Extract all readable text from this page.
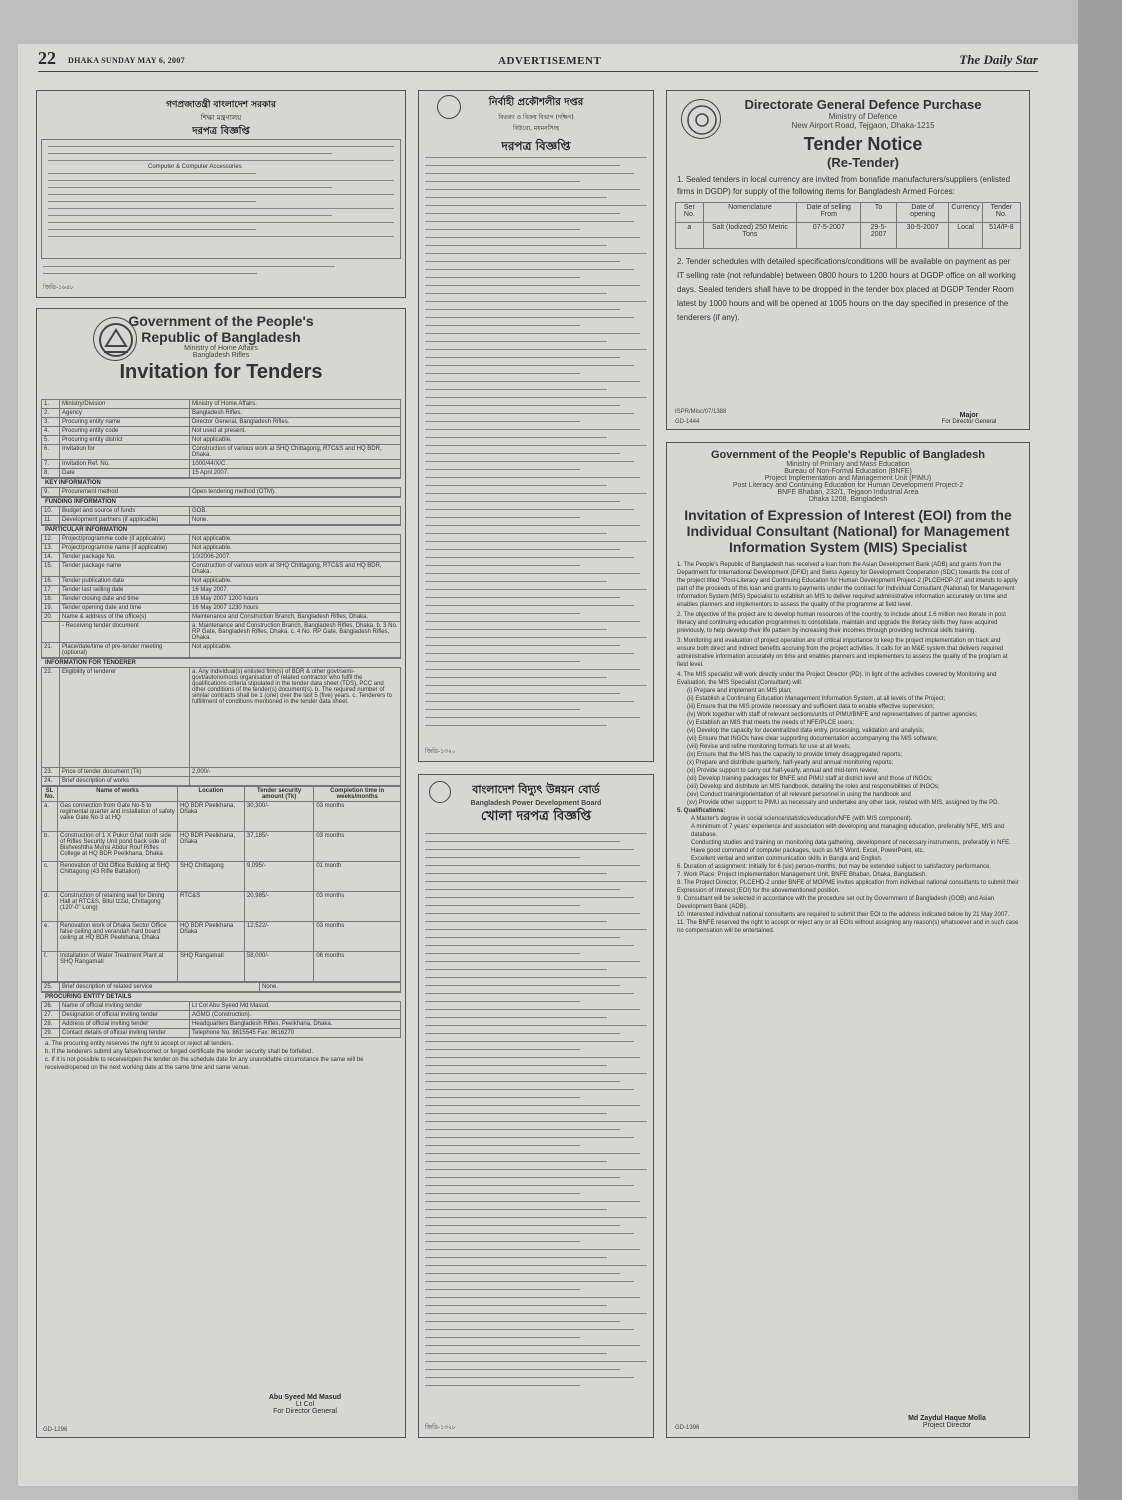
22 DHAKA SUNDAY MAY 6, 2007	ADVERTISEMENT	The Daily Star
গণপ্রজাতন্ত্রী বাংলাদেশ সরকার
শিক্ষা মন্ত্রণালয়
দরপত্র বিজ্ঞপ্তি
Computer & Computer Accessories
জিডি-১৬৪৮
Government of the People's
Republic of Bangladesh
Ministry of Home Affairs
Bangladesh Rifles
Invitation for Tenders
1.	Ministry/Division	Ministry of Home Affairs.
2.	Agency	Bangladesh Rifles.
3.	Procuring entity name	Director General, Bangladesh Rifles.
4.	Procuring entity code	Not used at present.
5.	Procuring entity district	Not applicable.
6.	Invitation for	Construction of various work at SHQ Chittagong, RTC&S and HQ BDR, Dhaka.
7.	Invitation Ref. No.	1000/44/X/C.
8.	Date	15 April 2007.
KEY INFORMATION
9.	Procurement method	Open tendering method (OTM).
FUNDING INFORMATION
10.	Budget and source of funds	GOB.
11.	Development partners (if applicable)	None.
PARTICULAR INFORMATION
12.	Project/programme code (if applicable)	Not applicable.
13.	Project/programme name (if applicable)	Not applicable.
14.	Tender package No.	10/2006-2007.
15.	Tender package name	Construction of various work at SHQ Chittagong, RTC&S and HQ BDR, Dhaka.
16.	Tender publication date	Not applicable.
17.	Tender last selling date	16 May 2007.
18.	Tender closing date and time	16 May 2007 1200 hours
19.	Tender opening date and time	16 May 2007 1230 hours
20.	Name & address of the office(s)	Maintenance and Construction Branch, Bangladesh Rifles, Dhaka.
	- Receiving tender document	a. Maintenance and Construction Branch, Bangladesh Rifles, Dhaka. b. 3 No. RP Gate, Bangladesh Rifles, Dhaka. c. 4 No. RP Gate, Bangladesh Rifles, Dhaka.
21.	Place/date/time of pre-tender meeting (optional)	Not applicable.
INFORMATION FOR TENDERER
22.	Eligibility of tenderer	a. Any individual(s) enlisted firm(s) of BDR & other govt/semi-govt/autonomous organisation of related contractor who fulfil the qualifications criteria stipulated in the tender data sheet (TDS), PCC and other conditions of the tender(s) document(s). b. The required number of similar contracts shall be 1 (one) over the last 5 (five) years. c. Tenderers to fulfillment of conditions mentioned in the tender data sheet.
23.	Price of tender document (Tk)	2,000/-
24.	Brief description of works	
SL No.	Name of works	Location	Tender security amount (Tk)	Completion time in weeks/months
a.	Gas connection from Gate No-5 to regimental quarter and installation of safety valve Gate No-3 at HQ	HQ BDR Peelkhana, Dhaka	30,300/-	03 months
b.	Construction of 1 X Pukur Ghat north side of Rifles Security Unit pond back side of Bishveshtha Munsi Abdur Rouf Rifles College at HQ BDR Peelkhana, Dhaka	HQ BDR Peelkhana, Dhaka	37,185/-	03 months
c.	Renovation of Old Office Building at SHQ Chittagong (43 Rifle Battalion)	SHQ Chittagong	9,095/-	01 month
d.	Construction of retaining wall for Dining Hall at RTC&S, Bitul Izzat, Chittagong (120'-0" Long)	RTC&S	20,985/-	03 months
e.	Renovation work of Dhaka Sector Office false ceiling and verandah hard board ceiling at HQ BDR Peelkhana, Dhaka	HQ BDR Peelkhana Dhaka	12,522/-	03 months
f.	Installation of Water Treatment Plant at SHQ Rangamati	SHQ Rangamati	58,000/-	06 months
25.	Brief description of related service	None.
PROCURING ENTITY DETAILS
26.	Name of official inviting tender	Lt Col Abu Syeed Md Masud.
27.	Designation of official inviting tender	AGMG (Construction).
28.	Address of official inviting tender	Headquarters Bangladesh Rifles, Peelkhana, Dhaka.
29.	Contact details of official inviting tender	Telephone No. 8615545 Fax: 8616270
a. The procuring entity reserves the right to accept or reject all tenders.
b. If the tenderers submit any false/incorrect or forged certificate the tender security shall be forfeited.
c. If it is not possible to receive/open the tender on the schedule date for any unavoidable circumstance the same will be received/opened on the next working date at the same time and same venue.
Abu Syeed Md Masud
Lt Col
For Director General
GD-1296
নির্বাহী প্রকৌশলীর দপ্তর
বিতরণ ও বিক্রয় বিভাগ (দক্ষিণ)
বিউবো, ময়মনসিংহ
দরপত্র বিজ্ঞপ্তি
জিডি-১৩২০
বাংলাদেশ বিদ্যুৎ উন্নয়ন বোর্ড
Bangladesh Power Development Board
খোলা দরপত্র বিজ্ঞপ্তি
জিডি-১৩২৮
Directorate General Defence Purchase
Ministry of Defence
New Airport Road, Tejgaon, Dhaka-1215
Tender Notice
(Re-Tender)
1. Sealed tenders in local currency are invited from bonafide manufacturers/suppliers (enlisted firms in DGDP) for supply of the following items for Bangladesh Armed Forces:
Ser No.	Nomenclature	Date of selling From	To	Date of opening	Currency	Tender No.
a	Salt (Iodized) 250 Metric Tons	07-5-2007	29-5-2007	30-5-2007	Local	514/P-8
2. Tender schedules with detailed specifications/conditions will be available on payment as per IT selling rate (not refundable) between 0800 hours to 1200 hours at DGDP office on all working days. Sealed tenders shall have to be dropped in the tender box placed at DGDP Tender Room latest by 1000 hours and will be opened at 1005 hours on the day specified in presence of the tenderers (if any).
ISPR/Misc/07/1388
GD-1444
Major
For Director General
Government of the People's Republic of Bangladesh
Ministry of Primary and Mass Education
Bureau of Non-Formal Education (BNFE)
Project Implementation and Management Unit (PIMU)
Post Literacy and Continuing Education for Human Development Project-2
BNFE Bhaban, 232/1, Tejgaon Industrial Area
Dhaka 1208, Bangladesh
Invitation of Expression of Interest (EOI) from the Individual Consultant (National) for Management Information System (MIS) Specialist
1. The People's Republic of Bangladesh has received a loan from the Asian Development Bank (ADB) and grants from the Department for International Development (DFID) and Swiss Agency for Development Cooperation (SDC) towards the cost of the project titled "Post-Literacy and Continuing Education for Human Development Project-2 (PLCEHDP-2)" and intends to apply part of the proceeds of this loan and grants to payments under the contract for Individual Consultant (National) for Management Information System (MIS) Specialist to establish an MIS to deliver required administrative information accurately on time and enables planners and implementors to assess the quality of the programme at field level.
2. The objective of the project are to develop human resources of the country, to include about 1.6 million neo literate in post literacy and continuing education programmes to consolidate, maintain and upgrade the literacy skills they have acquired previously, to help develop their life pattern by increasing their incomes through providing technical skills training.
3. Monitoring and evaluation of project operation are of critical importance to keep the project implementation on track and ensure both direct and indirect benefits accruing from the project activities. It calls for an M&E system that delivers required administrative information accurately on time and enables planners and implementers to assess the quality of the program at field level.
4. The MIS specialist will work directly under the Project Director (PD). In light of the activities covered by Monitoring and Evaluation, the MIS Specialist (Consultant) will:
(i) Prepare and implement an MIS plan;
(ii) Establish a Continuing Education Management Information System, at all levels of the Project;
(iii) Ensure that the MIS provide necessary and sufficient data to enable effective supervision;
(iv) Work together with staff of relevant sections/units of PIMU/BNFE and representatives of partner agencies;
(v) Establish an MIS that meets the needs of NFE/PLCE users;
(vi) Develop the capacity for decentralized data entry, processing, validation and analysis;
(vii) Ensure that INGOs have clear supporting documentation accompanying the MIS software;
(viii) Revise and refine monitoring formats for use at all levels;
(ix) Ensure that the MIS has the capacity to provide timely disaggregated reports;
(x) Prepare and distribute quarterly, half-yearly and annual monitoring reports;
(xi) Provide support to carry out half-yearly, annual and mid-term review;
(xii) Develop training packages for BNFE and PIMU staff at district level and those of INGOs;
(xiii) Develop and distribute an MIS handbook, detailing the roles and responsibilities of INGOs;
(xiv) Conduct training/orientation of all relevant personnel in using the handbook and
(xv) Provide other support to PIMU as necessary and undertake any other task, related with MIS, assigned by the PD.
5. Qualifications:
A Master's degree in social science/statistics/education/NFE (with MIS component).
A minimum of 7 years' experience and association with developing and managing education, preferably NFE, MIS and database.
Conducting studies and training on monitoring data gathering, development of necessary instruments, preferably in NFE.
Have good command of computer packages, such as MS Word, Excel, PowerPoint, etc.
Excellent verbal and written communication skills in Bangla and English.
6. Duration of assignment: Initially for 6 (six) person-months, but may be extended subject to satisfactory performance.
7. Work Place: Project Implementation Management Unit, BNFE Bhaban, Dhaka, Bangladesh.
8. The Project Director, PLCEHD-2 under BNFE of MOPME invites application from individual national consultants to submit their Expression of Interest (EOI) for the abovementioned position.
9. Consultant will be selected in accordance with the procedure set out by Government of Bangladesh (GOB) and Asian Development Bank (ADB).
10. Interested individual national consultants are required to submit their EOI to the address indicated below by 21 May 2007.
11. The BNFE reserved the right to accept or reject any or all EOIs without assigning any reason(s) whatsoever and in such case no compensation will be entertained.
Md Zaydul Haque Molla
Project Director
GD-1396
